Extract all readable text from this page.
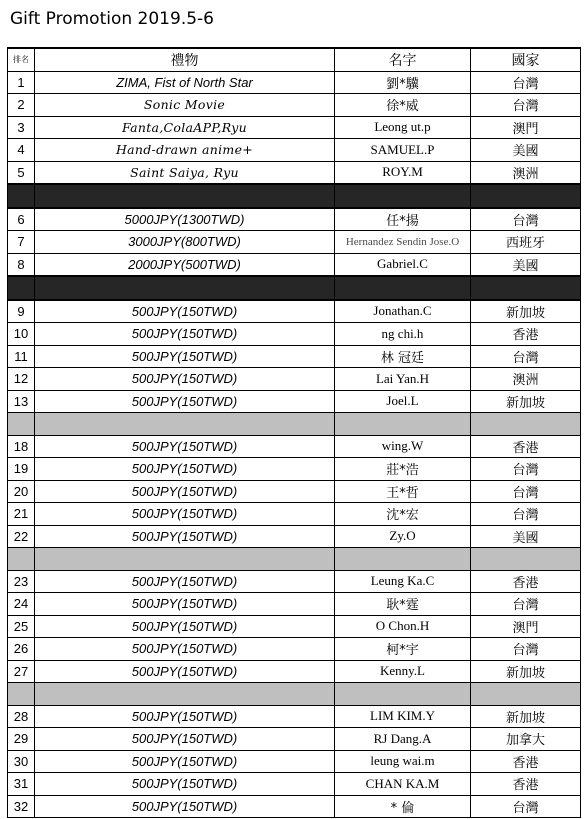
Gift Promotion 2019.5-6
排名	禮物	名字	國家
1	ZIMA, Fist of North Star	劉*驥	台灣
2	Sonic Movie	徐*威	台灣
3	Fanta,ColaAPP,Ryu	Leong ut.p	澳門
4	Hand-drawn anime+	SAMUEL.P	美國
5	Saint Saiya, Ryu	ROY.M	澳洲

6	5000JPY(1300TWD)	任*揚	台灣
7	3000JPY(800TWD)	Hernandez Sendin Jose.O	西班牙
8	2000JPY(500TWD)	Gabriel.C	美國

9	500JPY(150TWD)	Jonathan.C	新加坡
10	500JPY(150TWD)	ng chi.h	香港
11	500JPY(150TWD)	林 冠廷	台灣
12	500JPY(150TWD)	Lai Yan.H	澳洲
13	500JPY(150TWD)	Joel.L	新加坡

18	500JPY(150TWD)	wing.W	香港
19	500JPY(150TWD)	莊*浩	台灣
20	500JPY(150TWD)	王*哲	台灣
21	500JPY(150TWD)	沈*宏	台灣
22	500JPY(150TWD)	Zy.O	美國

23	500JPY(150TWD)	Leung Ka.C	香港
24	500JPY(150TWD)	耿*霆	台灣
25	500JPY(150TWD)	O Chon.H	澳門
26	500JPY(150TWD)	柯*宇	台灣
27	500JPY(150TWD)	Kenny.L	新加坡

28	500JPY(150TWD)	LIM KIM.Y	新加坡
29	500JPY(150TWD)	RJ Dang.A	加拿大
30	500JPY(150TWD)	leung wai.m	香港
31	500JPY(150TWD)	CHAN KA.M	香港
32	500JPY(150TWD)	* 倫	台灣
